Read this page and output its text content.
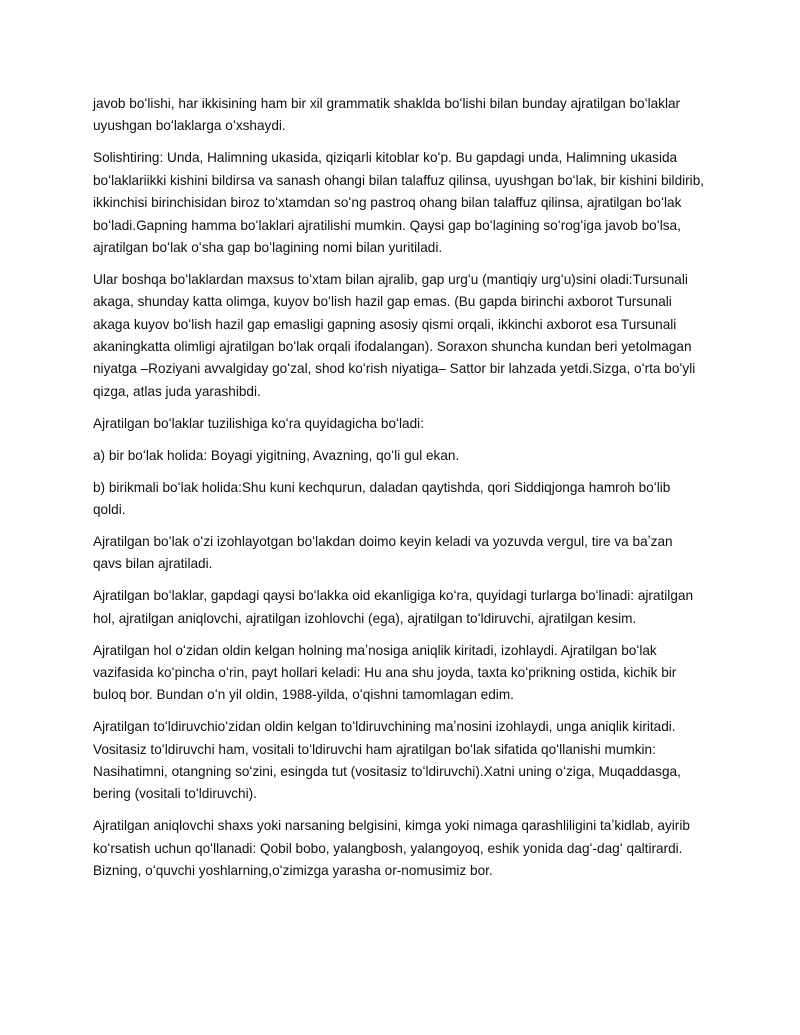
javob boʻlishi, har ikkisining ham bir xil grammatik shaklda boʻlishi bilan bunday ajratilgan boʻlaklar uyushgan boʻlaklarga oʻxshaydi.

Solishtiring: Unda, Halimning ukasida, qiziqarli kitoblar koʻp. Bu gapdagi unda, Halimning ukasida boʻlaklariikki kishini bildirsa va sanash ohangi bilan talaffuz qilinsa, uyushgan boʻlak, bir kishini bildirib, ikkinchisi birinchisidan biroz toʻxtamdan soʻng pastroq ohang bilan talaffuz qilinsa, ajratilgan boʻlak boʻladi.Gapning hamma boʻlaklari ajratilishi mumkin. Qaysi gap boʻlagining soʻrogʻiga javob boʻlsa, ajratilgan boʻlak oʻsha gap boʻlagining nomi bilan yuritiladi.

Ular boshqa boʻlaklardan maxsus toʻxtam bilan ajralib, gap urgʻu (mantiqiy urgʻu)sini oladi:Tursunali akaga, shunday katta olimga, kuyov boʻlish hazil gap emas. (Bu gapda birinchi axborot Tursunali akaga kuyov boʻlish hazil gap emasligi gapning asosiy qismi orqali, ikkinchi axborot esa Tursunali akaningkatta olimligi ajratilgan boʻlak orqali ifodalangan). Soraxon shuncha kundan beri yetolmagan niyatga –Roziyani avvalgiday goʻzal, shod koʻrish niyatiga– Sattor bir lahzada yetdi.Sizga, oʻrta boʻyli qizga, atlas juda yarashibdi.

Ajratilgan boʻlaklar tuzilishiga koʻra quyidagicha boʻladi:

a) bir boʻlak holida: Boyagi yigitning, Avazning, qoʻli gul ekan.

b) birikmali boʻlak holida:Shu kuni kechqurun, daladan qaytishda, qori Siddiqjonga hamroh boʻlib qoldi.

Ajratilgan boʻlak oʻzi izohlayotgan boʻlakdan doimo keyin keladi va yozuvda vergul, tire va baʼzan qavs bilan ajratiladi.

Ajratilgan boʻlaklar, gapdagi qaysi boʻlakka oid ekanligiga koʻra, quyidagi turlarga boʻlinadi: ajratilgan hol, ajratilgan aniqlovchi, ajratilgan izohlovchi (ega), ajratilgan toʻldiruvchi, ajratilgan kesim.

Ajratilgan hol oʻzidan oldin kelgan holning maʼnosiga aniqlik kiritadi, izohlaydi. Ajratilgan boʻlak vazifasida koʻpincha oʻrin, payt hollari keladi: Hu ana shu joyda, taxta koʻprikning ostida, kichik bir buloq bor. Bundan oʻn yil oldin, 1988-yilda, oʻqishni tamomlagan edim.

Ajratilgan toʻldiruvchioʻzidan oldin kelgan toʻldiruvchining maʼnosini izohlaydi, unga aniqlik kiritadi. Vositasiz toʻldiruvchi ham, vositali toʻldiruvchi ham ajratilgan boʻlak sifatida qoʻllanishi mumkin: Nasihatimni, otangning soʻzini, esingda tut (vositasiz toʻldiruvchi).Xatni uning oʻziga, Muqaddasga, bering (vositali toʻldiruvchi).

Ajratilgan aniqlovchi shaxs yoki narsaning belgisini, kimga yoki nimaga qarashliligini taʼkidlab, ayirib koʻrsatish uchun qoʻllanadi: Qobil bobo, yalangbosh, yalangoyoq, eshik yonida dagʻ-dagʻ qaltirardi. Bizning, oʻquvchi yoshlarning,oʻzimizga yarasha or-nomusimiz bor.
